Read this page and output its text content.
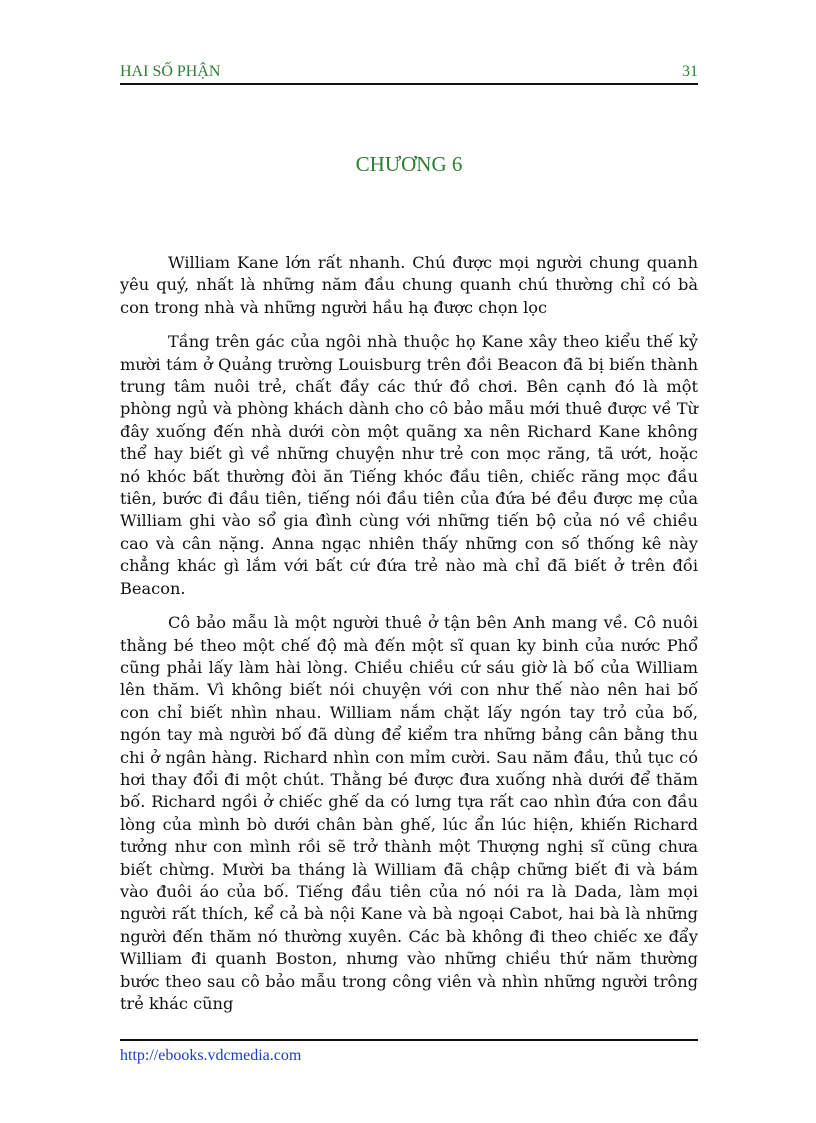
HAI SỐ PHẬN	31
CHƯƠNG 6

William Kane lớn rất nhanh. Chú được mọi người chung quanh yêu quý, nhất là những năm đầu chung quanh chú thường chỉ có bà con trong nhà và những người hầu hạ được chọn lọc

Tầng trên gác của ngôi nhà thuộc họ Kane xây theo kiểu thế kỷ mười tám ở Quảng trường Louisburg trên đồi Beacon đã bị biến thành trung tâm nuôi trẻ, chất đầy các thứ đồ chơi. Bên cạnh đó là một phòng ngủ và phòng khách dành cho cô bảo mẫu mới thuê được về Từ đây xuống đến nhà dưới còn một quãng xa nên Richard Kane không thể hay biết gì về những chuyện như trẻ con mọc răng, tã ướt, hoặc nó khóc bất thường đòi ăn Tiếng khóc đầu tiên, chiếc răng mọc đầu tiên, bước đi đầu tiên, tiếng nói đầu tiên của đứa bé đều được mẹ của William ghi vào sổ gia đình cùng với những tiến bộ của nó về chiều cao và cân nặng. Anna ngạc nhiên thấy những con số thống kê này chẳng khác gì lắm với bất cứ đứa trẻ nào mà chỉ đã biết ở trên đồi Beacon.

Cô bảo mẫu là một người thuê ở tận bên Anh mang về. Cô nuôi thằng bé theo một chế độ mà đến một sĩ quan ky binh của nước Phổ cũng phải lấy làm hài lòng. Chiều chiều cứ sáu giờ là bố của William lên thăm. Vì không biết nói chuyện với con như thế nào nên hai bố con chỉ biết nhìn nhau. William nắm chặt lấy ngón tay trỏ của bố, ngón tay mà người bố đã dùng để kiểm tra những bảng cân bằng thu chi ở ngân hàng. Richard nhìn con mỉm cười. Sau năm đầu, thủ tục có hơi thay đổi đi một chút. Thằng bé được đưa xuống nhà dưới để thăm bố. Richard ngồi ở chiếc ghế da có lưng tựa rất cao nhìn đứa con đầu lòng của mình bò dưới chân bàn ghế, lúc ẩn lúc hiện, khiến Richard tưởng như con mình rồi sẽ trở thành một Thượng nghị sĩ cũng chưa biết chừng. Mười ba tháng là William đã chập chững biết đi và bám vào đuôi áo của bố. Tiếng đầu tiên của nó nói ra là Dada, làm mọi người rất thích, kể cả bà nội Kane và bà ngoại Cabot, hai bà là những người đến thăm nó thường xuyên. Các bà không đi theo chiếc xe đẩy William đi quanh Boston, nhưng vào những chiều thứ năm thường bước theo sau cô bảo mẫu trong công viên và nhìn những người trông trẻ khác cũng

http://ebooks.vdcmedia.com
